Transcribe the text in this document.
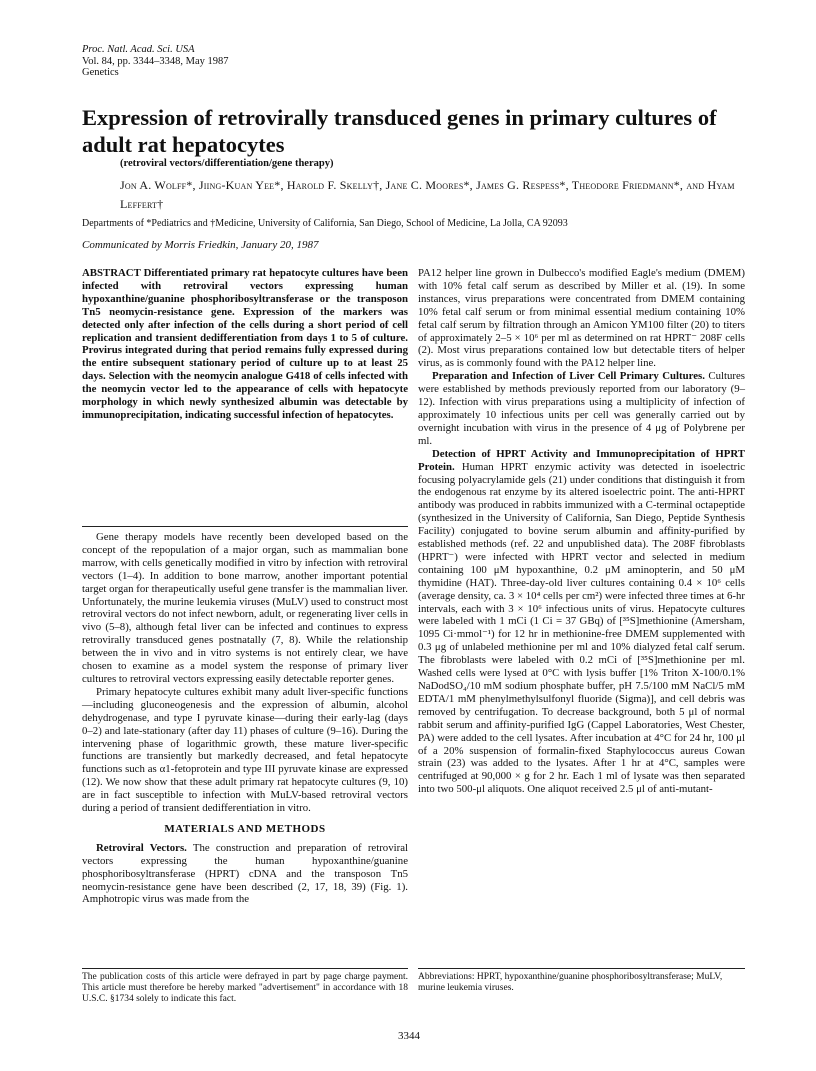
Proc. Natl. Acad. Sci. USA
Vol. 84, pp. 3344–3348, May 1987
Genetics
Expression of retrovirally transduced genes in primary cultures of adult rat hepatocytes
(retroviral vectors/differentiation/gene therapy)
Jon A. Wolff*, Jiing-Kuan Yee*, Harold F. Skelly†, Jane C. Moores*, James G. Respess*, Theodore Friedmann*, and Hyam Leffert†
Departments of *Pediatrics and †Medicine, University of California, San Diego, School of Medicine, La Jolla, CA 92093
Communicated by Morris Friedkin, January 20, 1987
ABSTRACT Differentiated primary rat hepatocyte cultures have been infected with retroviral vectors expressing human hypoxanthine/guanine phosphoribosyltransferase or the transposon Tn5 neomycin-resistance gene. Expression of the markers was detected only after infection of the cells during a short period of cell replication and transient dedifferentiation from days 1 to 5 of culture. Provirus integrated during that period remains fully expressed during the entire subsequent stationary period of culture up to at least 25 days. Selection with the neomycin analogue G418 of cells infected with the neomycin vector led to the appearance of cells with hepatocyte morphology in which newly synthesized albumin was detectable by immunoprecipitation, indicating successful infection of hepatocytes.

Gene therapy models have recently been developed based on the concept of the repopulation of a major organ, such as mammalian bone marrow, with cells genetically modified in vitro by infection with retroviral vectors (1–4). In addition to bone marrow, another important potential target organ for therapeutically useful gene transfer is the mammalian liver. Unfortunately, the murine leukemia viruses (MuLV) used to construct most retroviral vectors do not infect newborn, adult, or regenerating liver cells in vivo (5–8), although fetal liver can be infected and continues to express retrovirally transduced genes postnatally (7, 8). While the relationship between the in vivo and in vitro systems is not entirely clear, we have chosen to examine as a model system the response of primary liver cultures to retroviral vectors expressing easily detectable reporter genes.

Primary hepatocyte cultures exhibit many adult liver-specific functions—including gluconeogenesis and the expression of albumin, alcohol dehydrogenase, and type I pyruvate kinase—during their early-lag (days 0–2) and late-stationary (after day 11) phases of culture (9–16). During the intervening phase of logarithmic growth, these mature liver-specific functions are transiently but markedly decreased, and fetal hepatocyte functions such as α1-fetoprotein and type III pyruvate kinase are expressed (12). We now show that these adult primary rat hepatocyte cultures (9, 10) are in fact susceptible to infection with MuLV-based retroviral vectors during a period of transient dedifferentiation in vitro.

MATERIALS AND METHODS

Retroviral Vectors. The construction and preparation of retroviral vectors expressing the human hypoxanthine/guanine phosphoribosyltransferase (HPRT) cDNA and the transposon Tn5 neomycin-resistance gene have been described (2, 17, 18, 39) (Fig. 1). Amphotropic virus was made from the

PA12 helper line grown in Dulbecco's modified Eagle's medium (DMEM) with 10% fetal calf serum as described by Miller et al. (19). In some instances, virus preparations were concentrated from DMEM containing 10% fetal calf serum or from minimal essential medium containing 10% fetal calf serum by filtration through an Amicon YM100 filter (20) to titers of approximately 2–5 × 10⁶ per ml as determined on rat HPRT⁻ 208F cells (2). Most virus preparations contained low but detectable titers of helper virus, as is commonly found with the PA12 helper line.

Preparation and Infection of Liver Cell Primary Cultures. Cultures were established by methods previously reported from our laboratory (9–12). Infection with virus preparations using a multiplicity of infection of approximately 10 infectious units per cell was generally carried out by overnight incubation with virus in the presence of 4 μg of Polybrene per ml.

Detection of HPRT Activity and Immunoprecipitation of HPRT Protein. Human HPRT enzymic activity was detected in isoelectric focusing polyacrylamide gels (21) under conditions that distinguish it from the endogenous rat enzyme by its altered isoelectric point. The anti-HPRT antibody was produced in rabbits immunized with a C-terminal octapeptide (synthesized in the University of California, San Diego, Peptide Synthesis Facility) conjugated to bovine serum albumin and affinity-purified by established methods (ref. 22 and unpublished data). The 208F fibroblasts (HPRT⁻) were infected with HPRT vector and selected in medium containing 100 μM hypoxanthine, 0.2 μM aminopterin, and 50 μM thymidine (HAT). Three-day-old liver cultures containing 0.4 × 10⁶ cells (average density, ca. 3 × 10⁴ cells per cm²) were infected three times at 6-hr intervals, each with 3 × 10⁶ infectious units of virus. Hepatocyte cultures were labeled with 1 mCi (1 Ci = 37 GBq) of [³⁵S]methionine (Amersham, 1095 Ci·mmol⁻¹) for 12 hr in methionine-free DMEM supplemented with 0.3 μg of unlabeled methionine per ml and 10% dialyzed fetal calf serum. The fibroblasts were labeled with 0.2 mCi of [³⁵S]methionine per ml. Washed cells were lysed at 0°C with lysis buffer [1% Triton X-100/0.1% NaDodSO₄/10 mM sodium phosphate buffer, pH 7.5/100 mM NaCl/5 mM EDTA/1 mM phenylmethylsulfonyl fluoride (Sigma)], and cell debris was removed by centrifugation. To decrease background, both 5 μl of normal rabbit serum and affinity-purified IgG (Cappel Laboratories, West Chester, PA) were added to the cell lysates. After incubation at 4°C for 24 hr, 100 μl of a 20% suspension of formalin-fixed Staphylococcus aureus Cowan strain (23) was added to the lysates. After 1 hr at 4°C, samples were centrifuged at 90,000 × g for 2 hr. Each 1 ml of lysate was then separated into two 500-μl aliquots. One aliquot received 2.5 μl of anti-mutant-

The publication costs of this article were defrayed in part by page charge payment. This article must therefore be hereby marked "advertisement" in accordance with 18 U.S.C. §1734 solely to indicate this fact.
Abbreviations: HPRT, hypoxanthine/guanine phosphoribosyltransferase; MuLV, murine leukemia viruses.
3344
